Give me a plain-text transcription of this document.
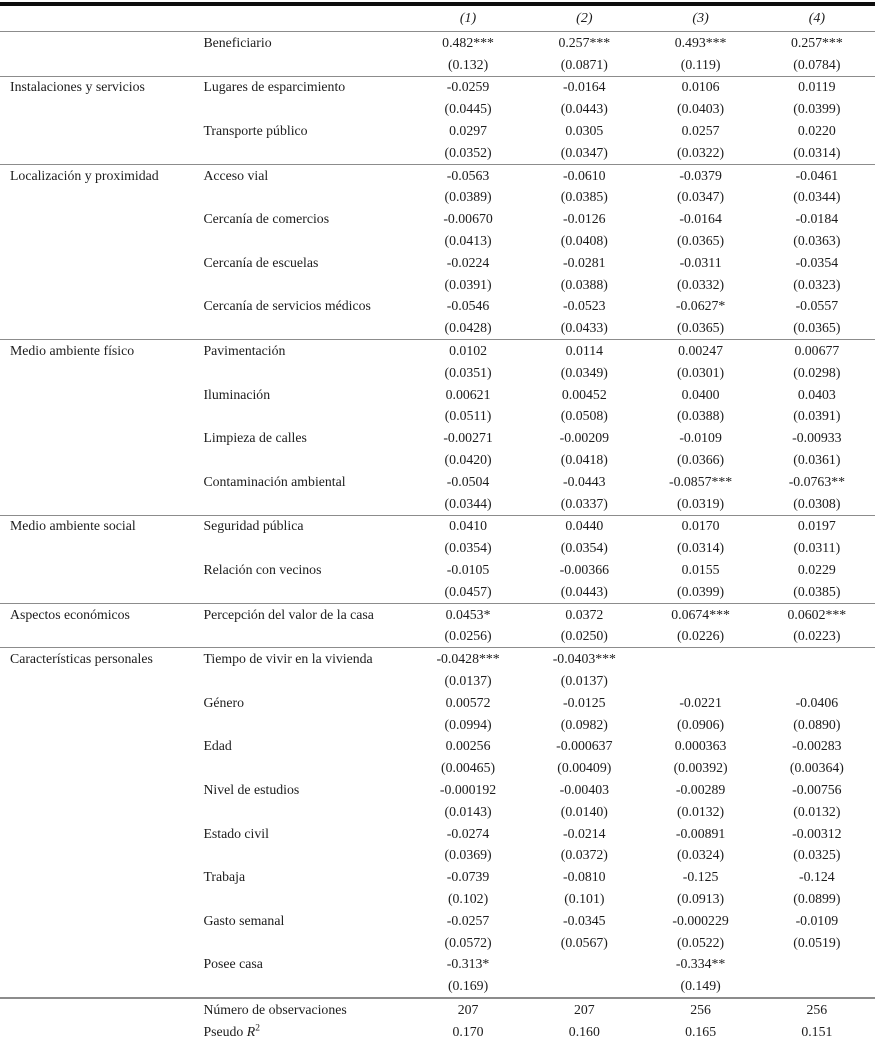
		(1)	(2)	(3)	(4)
	Beneficiario	0.482***	0.257***	0.493***	0.257***
		(0.132)	(0.0871)	(0.119)	(0.0784)
Instalaciones y servicios	Lugares de esparcimiento	-0.0259	-0.0164	0.0106	0.0119
		(0.0445)	(0.0443)	(0.0403)	(0.0399)
	Transporte público	0.0297	0.0305	0.0257	0.0220
		(0.0352)	(0.0347)	(0.0322)	(0.0314)
Localización y proximidad	Acceso vial	-0.0563	-0.0610	-0.0379	-0.0461
		(0.0389)	(0.0385)	(0.0347)	(0.0344)
	Cercanía de comercios	-0.00670	-0.0126	-0.0164	-0.0184
		(0.0413)	(0.0408)	(0.0365)	(0.0363)
	Cercanía de escuelas	-0.0224	-0.0281	-0.0311	-0.0354
		(0.0391)	(0.0388)	(0.0332)	(0.0323)
	Cercanía de servicios médicos	-0.0546	-0.0523	-0.0627*	-0.0557
		(0.0428)	(0.0433)	(0.0365)	(0.0365)
Medio ambiente físico	Pavimentación	0.0102	0.0114	0.00247	0.00677
		(0.0351)	(0.0349)	(0.0301)	(0.0298)
	Iluminación	0.00621	0.00452	0.0400	0.0403
		(0.0511)	(0.0508)	(0.0388)	(0.0391)
	Limpieza de calles	-0.00271	-0.00209	-0.0109	-0.00933
		(0.0420)	(0.0418)	(0.0366)	(0.0361)
	Contaminación ambiental	-0.0504	-0.0443	-0.0857***	-0.0763**
		(0.0344)	(0.0337)	(0.0319)	(0.0308)
Medio ambiente social	Seguridad pública	0.0410	0.0440	0.0170	0.0197
		(0.0354)	(0.0354)	(0.0314)	(0.0311)
	Relación con vecinos	-0.0105	-0.00366	0.0155	0.0229
		(0.0457)	(0.0443)	(0.0399)	(0.0385)
Aspectos económicos	Percepción del valor de la casa	0.0453*	0.0372	0.0674***	0.0602***
		(0.0256)	(0.0250)	(0.0226)	(0.0223)
Características personales	Tiempo de vivir en la vivienda	-0.0428***	-0.0403***		
		(0.0137)	(0.0137)		
	Género	0.00572	-0.0125	-0.0221	-0.0406
		(0.0994)	(0.0982)	(0.0906)	(0.0890)
	Edad	0.00256	-0.000637	0.000363	-0.00283
		(0.00465)	(0.00409)	(0.00392)	(0.00364)
	Nivel de estudios	-0.000192	-0.00403	-0.00289	-0.00756
		(0.0143)	(0.0140)	(0.0132)	(0.0132)
	Estado civil	-0.0274	-0.0214	-0.00891	-0.00312
		(0.0369)	(0.0372)	(0.0324)	(0.0325)
	Trabaja	-0.0739	-0.0810	-0.125	-0.124
		(0.102)	(0.101)	(0.0913)	(0.0899)
	Gasto semanal	-0.0257	-0.0345	-0.000229	-0.0109
		(0.0572)	(0.0567)	(0.0522)	(0.0519)
	Posee casa	-0.313*		-0.334**	
		(0.169)		(0.149)	
	Número de observaciones	207	207	256	256
	Pseudo $R^2$	0.170	0.160	0.165	0.151
